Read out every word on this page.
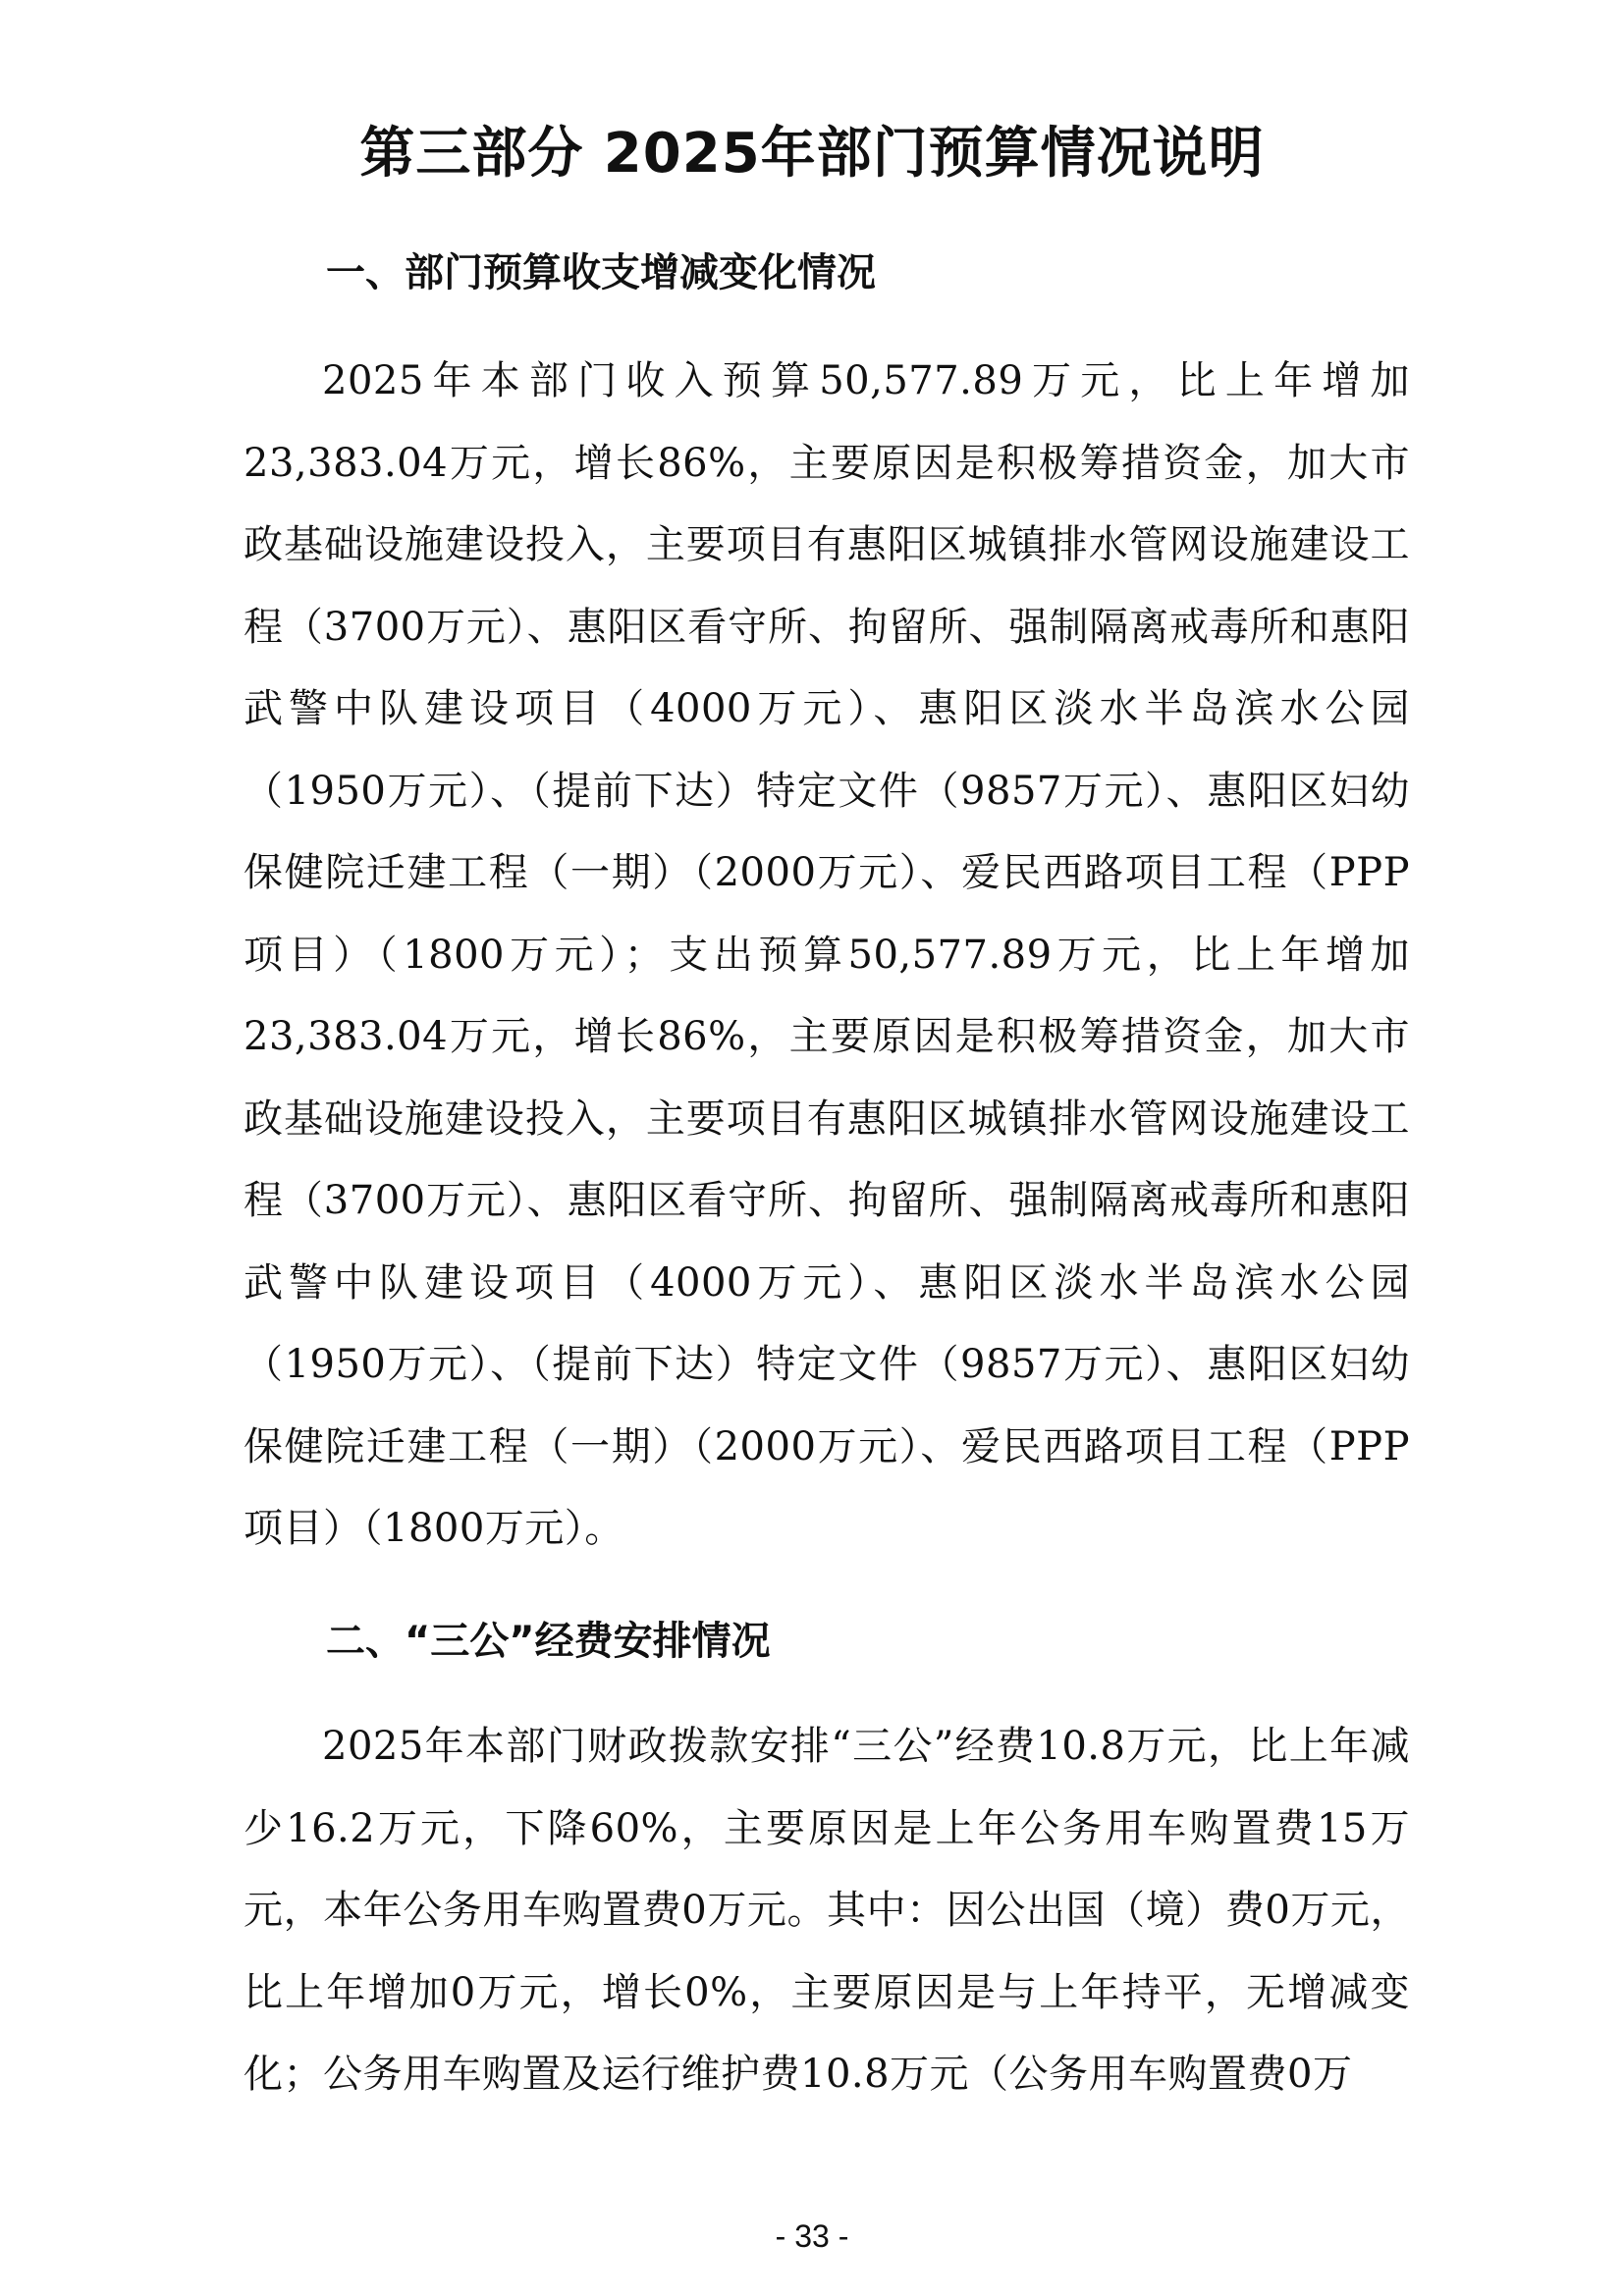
第三部分 2025年部门预算情况说明
一、部门预算收支增减变化情况

2025年本部门收入预算50,577.89万元，比上年增加23,383.04万元，增长86%，主要原因是积极筹措资金，加大市政基础设施建设投入，主要项目有惠阳区城镇排水管网设施建设工程（3700万元）、惠阳区看守所、拘留所、强制隔离戒毒所和惠阳武警中队建设项目（4000万元）、惠阳区淡水半岛滨水公园（1950万元）、（提前下达）特定文件（9857万元）、惠阳区妇幼保健院迁建工程（一期）（2000万元）、爱民西路项目工程（PPP项目）（1800万元）；支出预算50,577.89万元，比上年增加23,383.04万元，增长86%，主要原因是积极筹措资金，加大市政基础设施建设投入，主要项目有惠阳区城镇排水管网设施建设工程（3700万元）、惠阳区看守所、拘留所、强制隔离戒毒所和惠阳武警中队建设项目（4000万元）、惠阳区淡水半岛滨水公园（1950万元）、（提前下达）特定文件（9857万元）、惠阳区妇幼保健院迁建工程（一期）（2000万元）、爱民西路项目工程（PPP项目）（1800万元）。

二、“三公”经费安排情况

2025年本部门财政拨款安排“三公”经费10.8万元，比上年减少16.2万元，下降60%，主要原因是上年公务用车购置费15万元，本年公务用车购置费0万元。其中：因公出国（境）费0万元，比上年增加0万元，增长0%，主要原因是与上年持平，无增减变化；公务用车购置及运行维护费10.8万元（公务用车购置费0万

- 33 -
